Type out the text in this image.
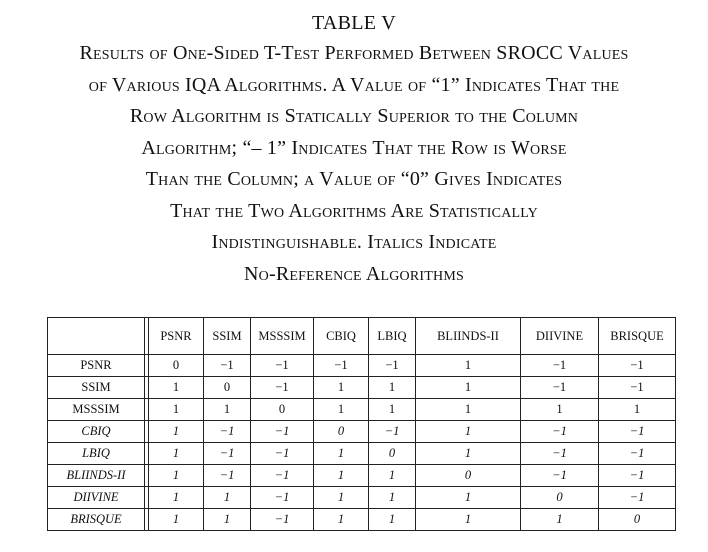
TABLE V
Results of One-Sided T-Test Performed Between SROCC Values
of Various IQA Algorithms. A Value of “1” Indicates That the
Row Algorithm is Statically Superior to the Column
Algorithm; “– 1” Indicates That the Row is Worse
Than the Column; a Value of “0” Gives Indicates
That the Two Algorithms Are Statistically
Indistinguishable. Italics Indicate
No-Reference Algorithms
		PSNR	SSIM	MSSSIM	CBIQ	LBIQ	BLIINDS-II	DIIVINE	BRISQUE
PSNR		0	−1	−1	−1	−1	1	−1	−1
SSIM		1	0	−1	1	1	1	−1	−1
MSSSIM		1	1	0	1	1	1	1	1
CBIQ		1	−1	−1	0	−1	1	−1	−1
LBIQ		1	−1	−1	1	0	1	−1	−1
BLIINDS-II		1	−1	−1	1	1	0	−1	−1
DIIVINE		1	1	−1	1	1	1	0	−1
BRISQUE		1	1	−1	1	1	1	1	0
